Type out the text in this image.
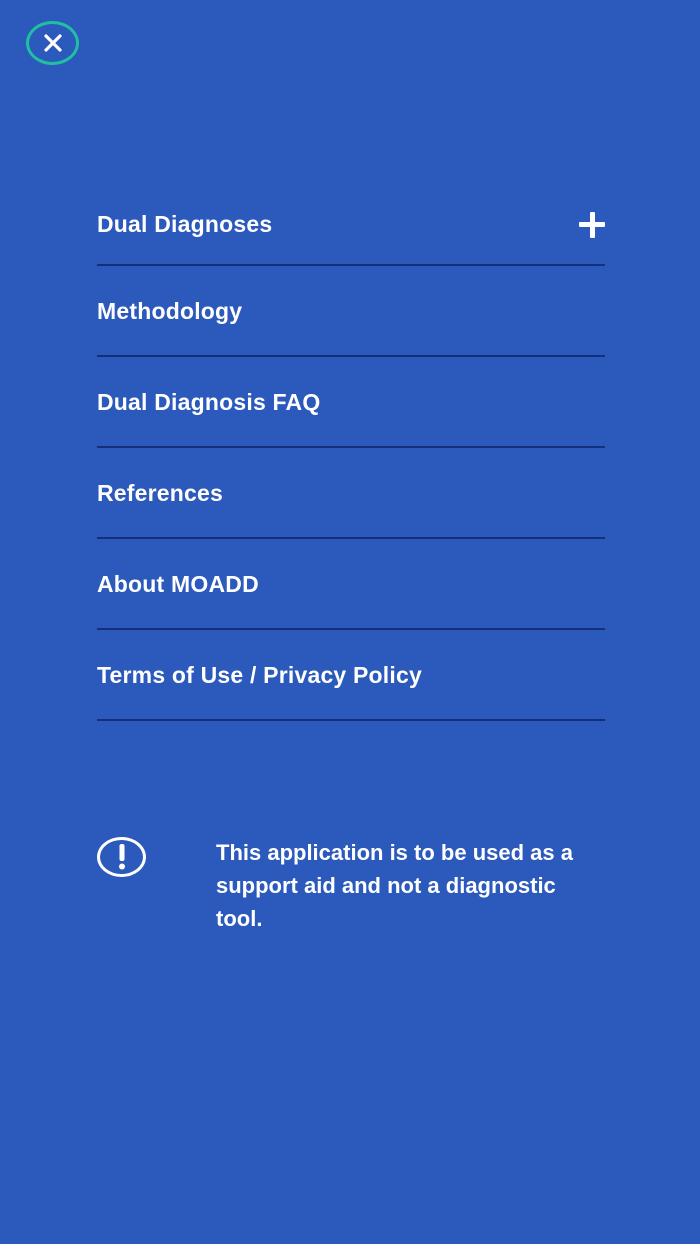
Dual Diagnoses
Methodology
Dual Diagnosis FAQ
References
About MOADD
Terms of Use / Privacy Policy
This application is to be used as a support aid and not a diagnostic tool.
